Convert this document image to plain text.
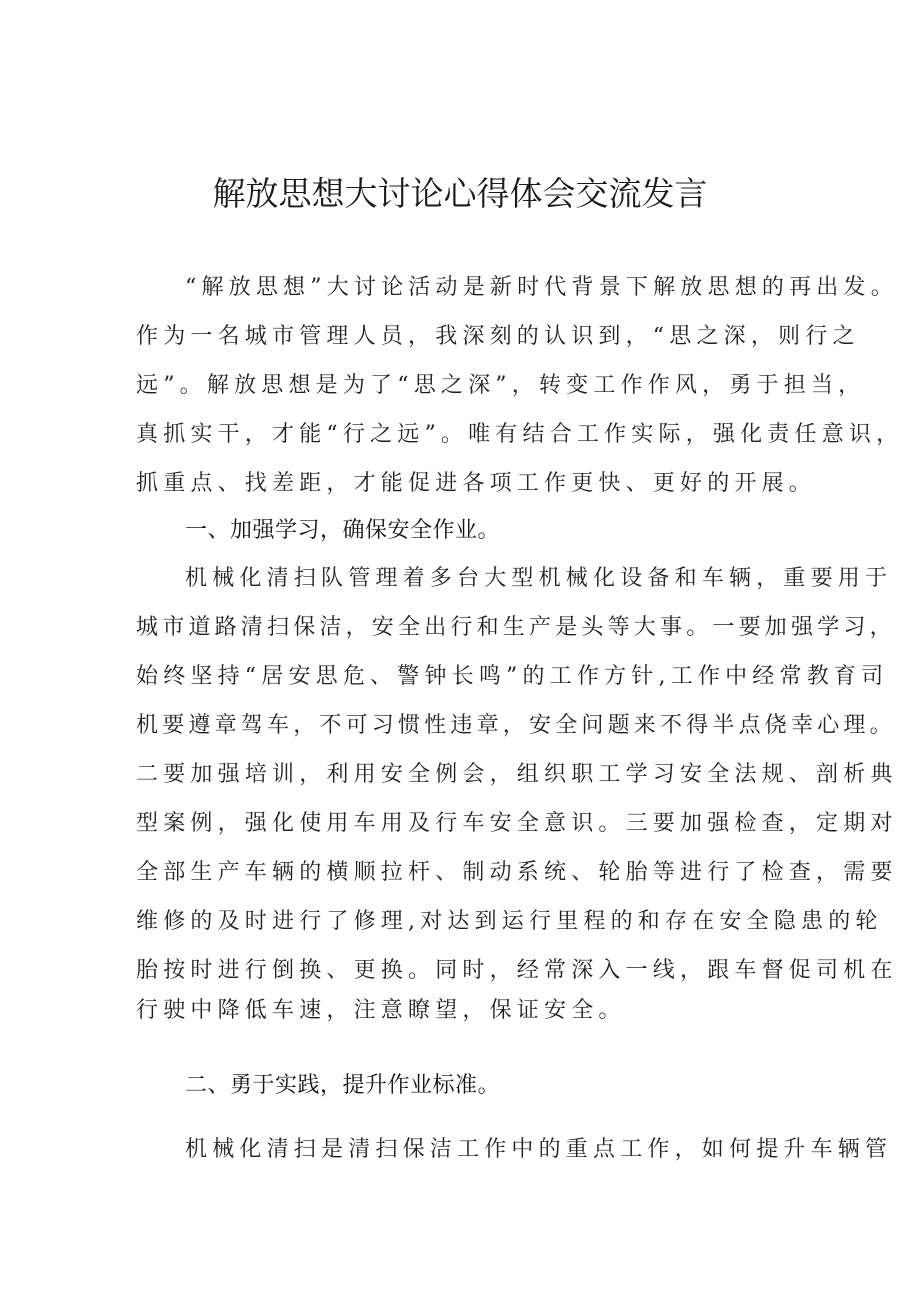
解放思想大讨论心得体会交流发言
“解放思想”大讨论活动是新时代背景下解放思想的再出发。
作为一名城市管理人员，我深刻的认识到，“思之深，则行之
远”。解放思想是为了“思之深”，转变工作作风，勇于担当，
真抓实干，才能“行之远”。唯有结合工作实际，强化责任意识，
抓重点、找差距，才能促进各项工作更快、更好的开展。
一、加强学习，确保安全作业。
机械化清扫队管理着多台大型机械化设备和车辆，重要用于
城市道路清扫保洁，安全出行和生产是头等大事。一要加强学习，
始终坚持“居安思危、警钟长鸣”的工作方针,工作中经常教育司
机要遵章驾车，不可习惯性违章，安全问题来不得半点侥幸心理。
二要加强培训，利用安全例会，组织职工学习安全法规、剖析典
型案例，强化使用车用及行车安全意识。三要加强检查，定期对
全部生产车辆的横顺拉杆、制动系统、轮胎等进行了检查，需要
维修的及时进行了修理,对达到运行里程的和存在安全隐患的轮
胎按时进行倒换、更换。同时，经常深入一线，跟车督促司机在
行驶中降低车速，注意瞭望，保证安全。
二、勇于实践，提升作业标准。
机械化清扫是清扫保洁工作中的重点工作，如何提升车辆管
